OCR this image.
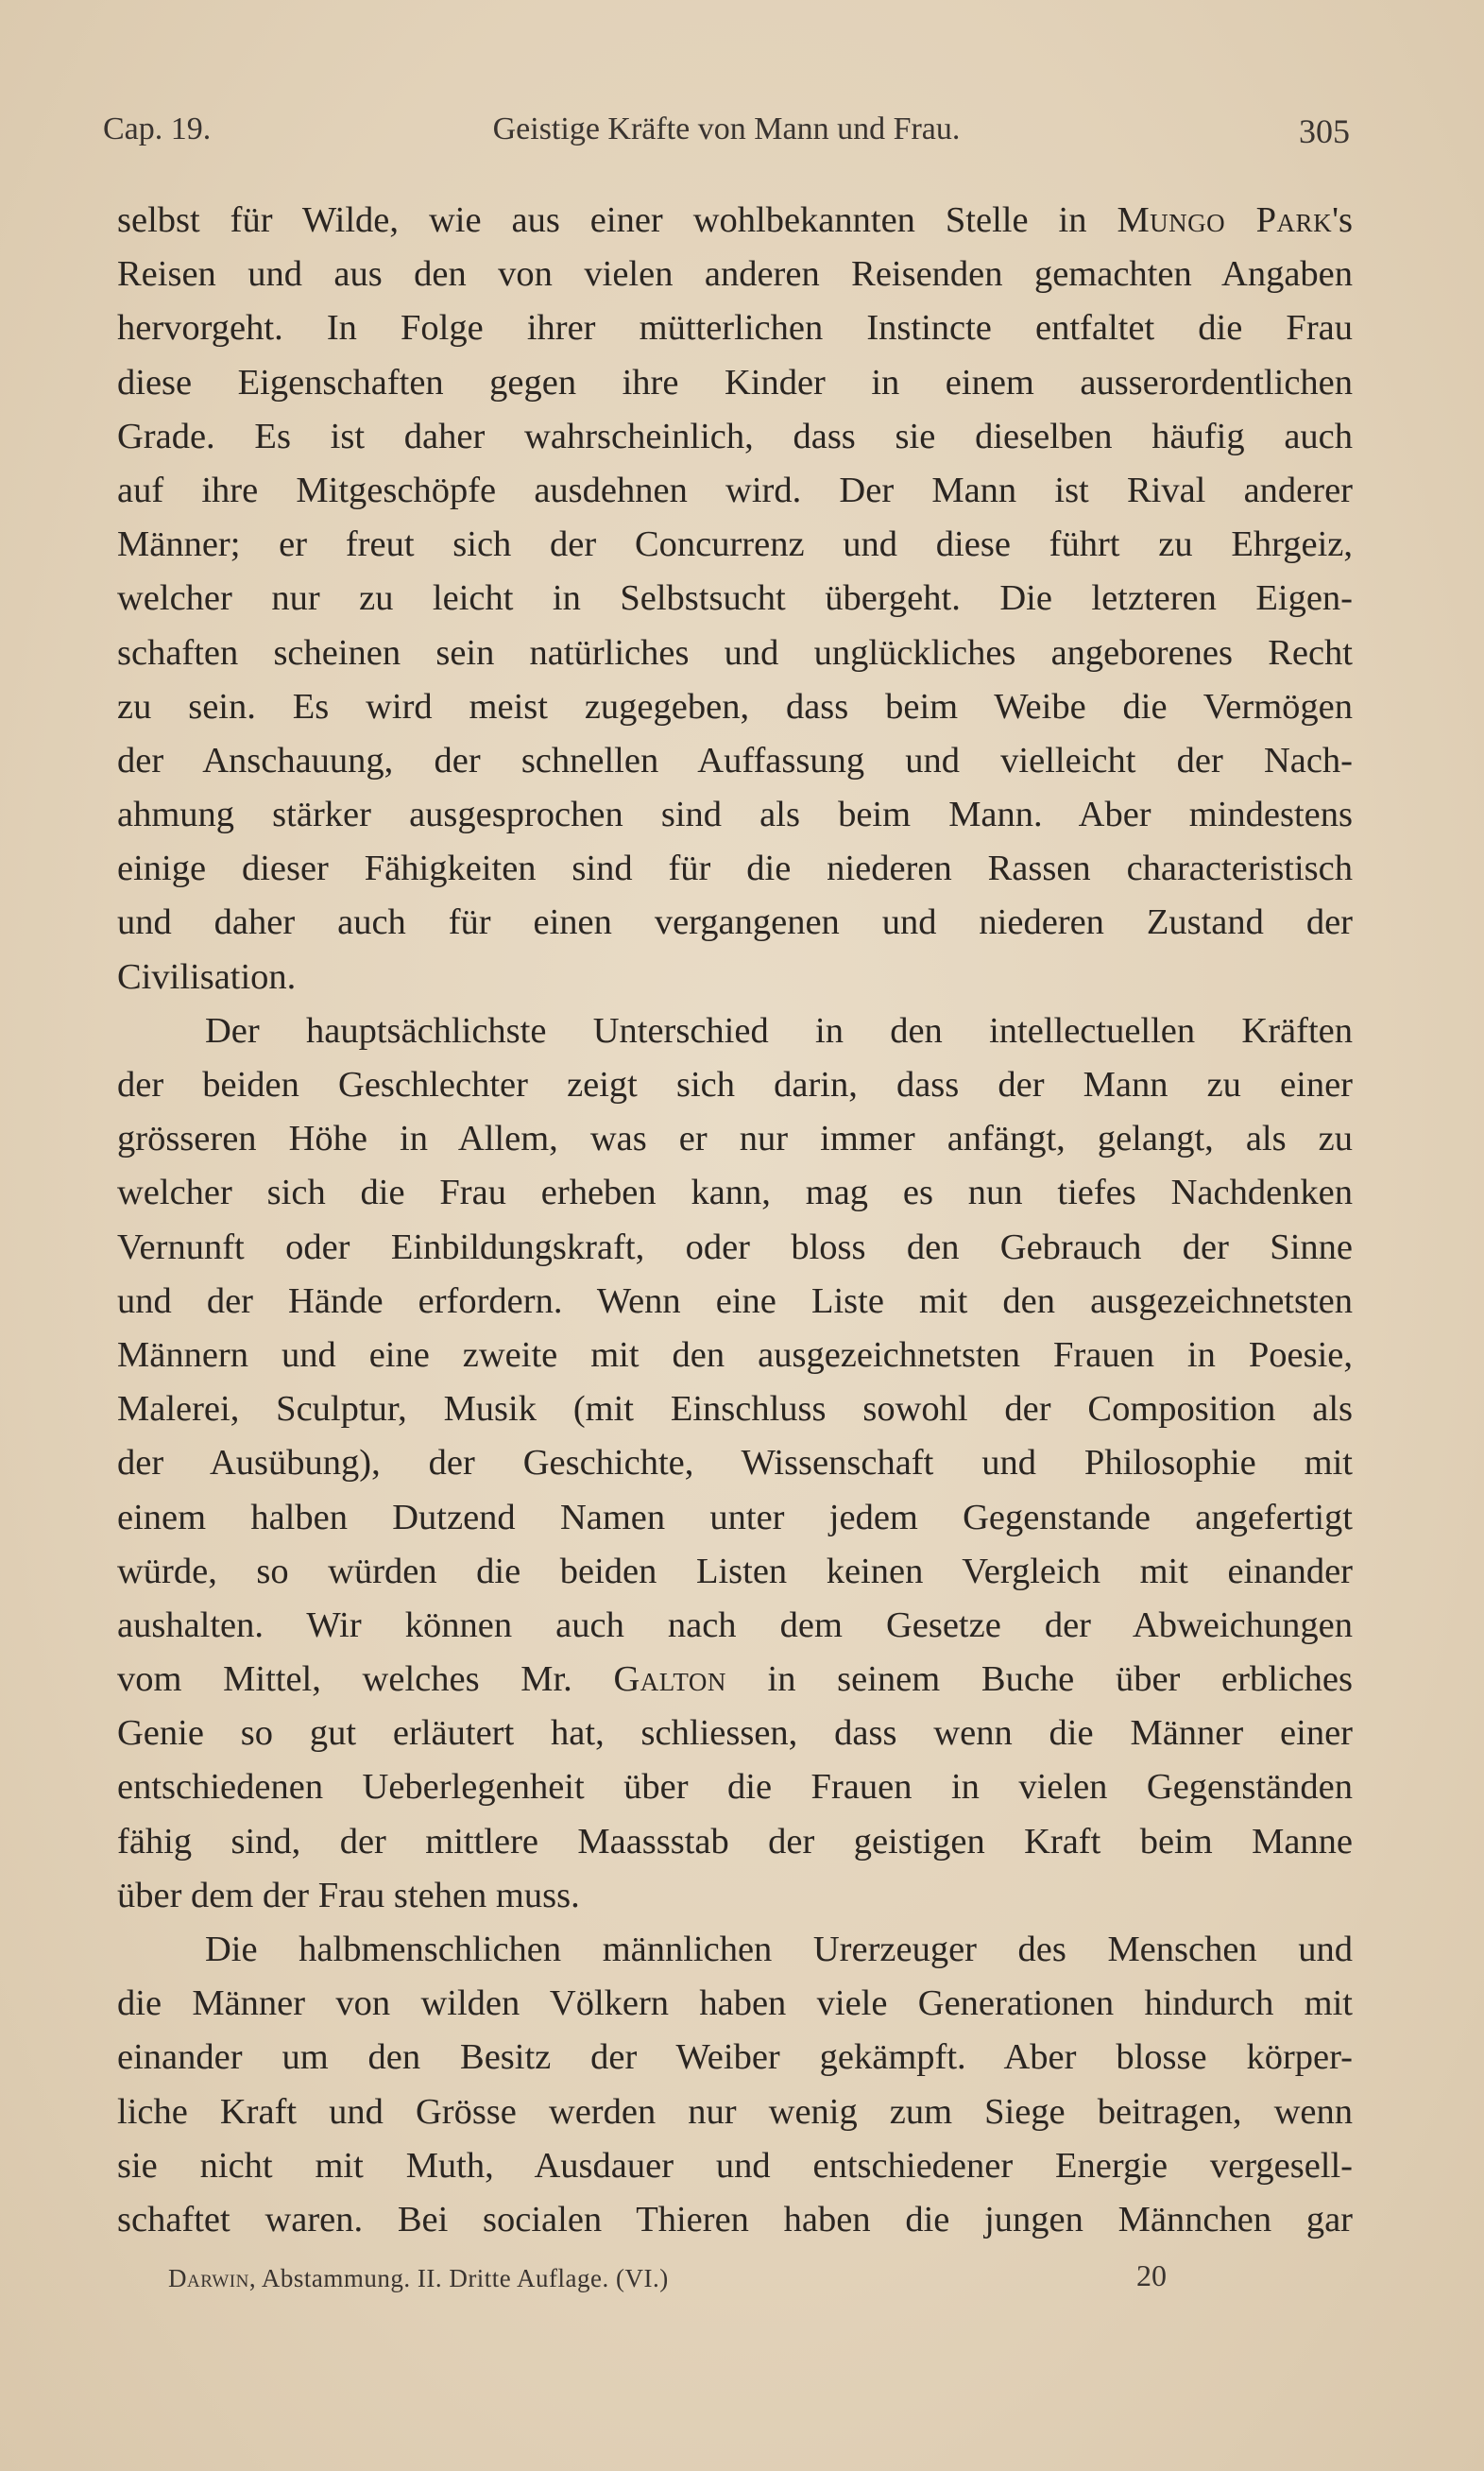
Cap. 19.	Geistige Kräfte von Mann und Frau.	305
selbst für Wilde, wie aus einer wohlbekannten Stelle in Mungo Park's
Reisen und aus den von vielen anderen Reisenden gemachten Angaben
hervorgeht. In Folge ihrer mütterlichen Instincte entfaltet die Frau
diese Eigenschaften gegen ihre Kinder in einem ausserordentlichen
Grade. Es ist daher wahrscheinlich, dass sie dieselben häufig auch
auf ihre Mitgeschöpfe ausdehnen wird. Der Mann ist Rival anderer
Männer; er freut sich der Concurrenz und diese führt zu Ehrgeiz,
welcher nur zu leicht in Selbstsucht übergeht. Die letzteren Eigen-
schaften scheinen sein natürliches und unglückliches angeborenes Recht
zu sein. Es wird meist zugegeben, dass beim Weibe die Vermögen
der Anschauung, der schnellen Auffassung und vielleicht der Nach-
ahmung stärker ausgesprochen sind als beim Mann. Aber mindestens
einige dieser Fähigkeiten sind für die niederen Rassen characteristisch
und daher auch für einen vergangenen und niederen Zustand der
Civilisation.
Der hauptsächlichste Unterschied in den intellectuellen Kräften
der beiden Geschlechter zeigt sich darin, dass der Mann zu einer
grösseren Höhe in Allem, was er nur immer anfängt, gelangt, als zu
welcher sich die Frau erheben kann, mag es nun tiefes Nachdenken
Vernunft oder Einbildungskraft, oder bloss den Gebrauch der Sinne
und der Hände erfordern. Wenn eine Liste mit den ausgezeichnetsten
Männern und eine zweite mit den ausgezeichnetsten Frauen in Poesie,
Malerei, Sculptur, Musik (mit Einschluss sowohl der Composition als
der Ausübung), der Geschichte, Wissenschaft und Philosophie mit
einem halben Dutzend Namen unter jedem Gegenstande angefertigt
würde, so würden die beiden Listen keinen Vergleich mit einander
aushalten. Wir können auch nach dem Gesetze der Abweichungen
vom Mittel, welches Mr. Galton in seinem Buche über erbliches
Genie so gut erläutert hat, schliessen, dass wenn die Männer einer
entschiedenen Ueberlegenheit über die Frauen in vielen Gegenständen
fähig sind, der mittlere Maassstab der geistigen Kraft beim Manne
über dem der Frau stehen muss.
Die halbmenschlichen männlichen Urerzeuger des Menschen und
die Männer von wilden Völkern haben viele Generationen hindurch mit
einander um den Besitz der Weiber gekämpft. Aber blosse körper-
liche Kraft und Grösse werden nur wenig zum Siege beitragen, wenn
sie nicht mit Muth, Ausdauer und entschiedener Energie vergesell-
schaftet waren. Bei socialen Thieren haben die jungen Männchen gar
Darwin, Abstammung. II. Dritte Auflage. (VI.)	20
